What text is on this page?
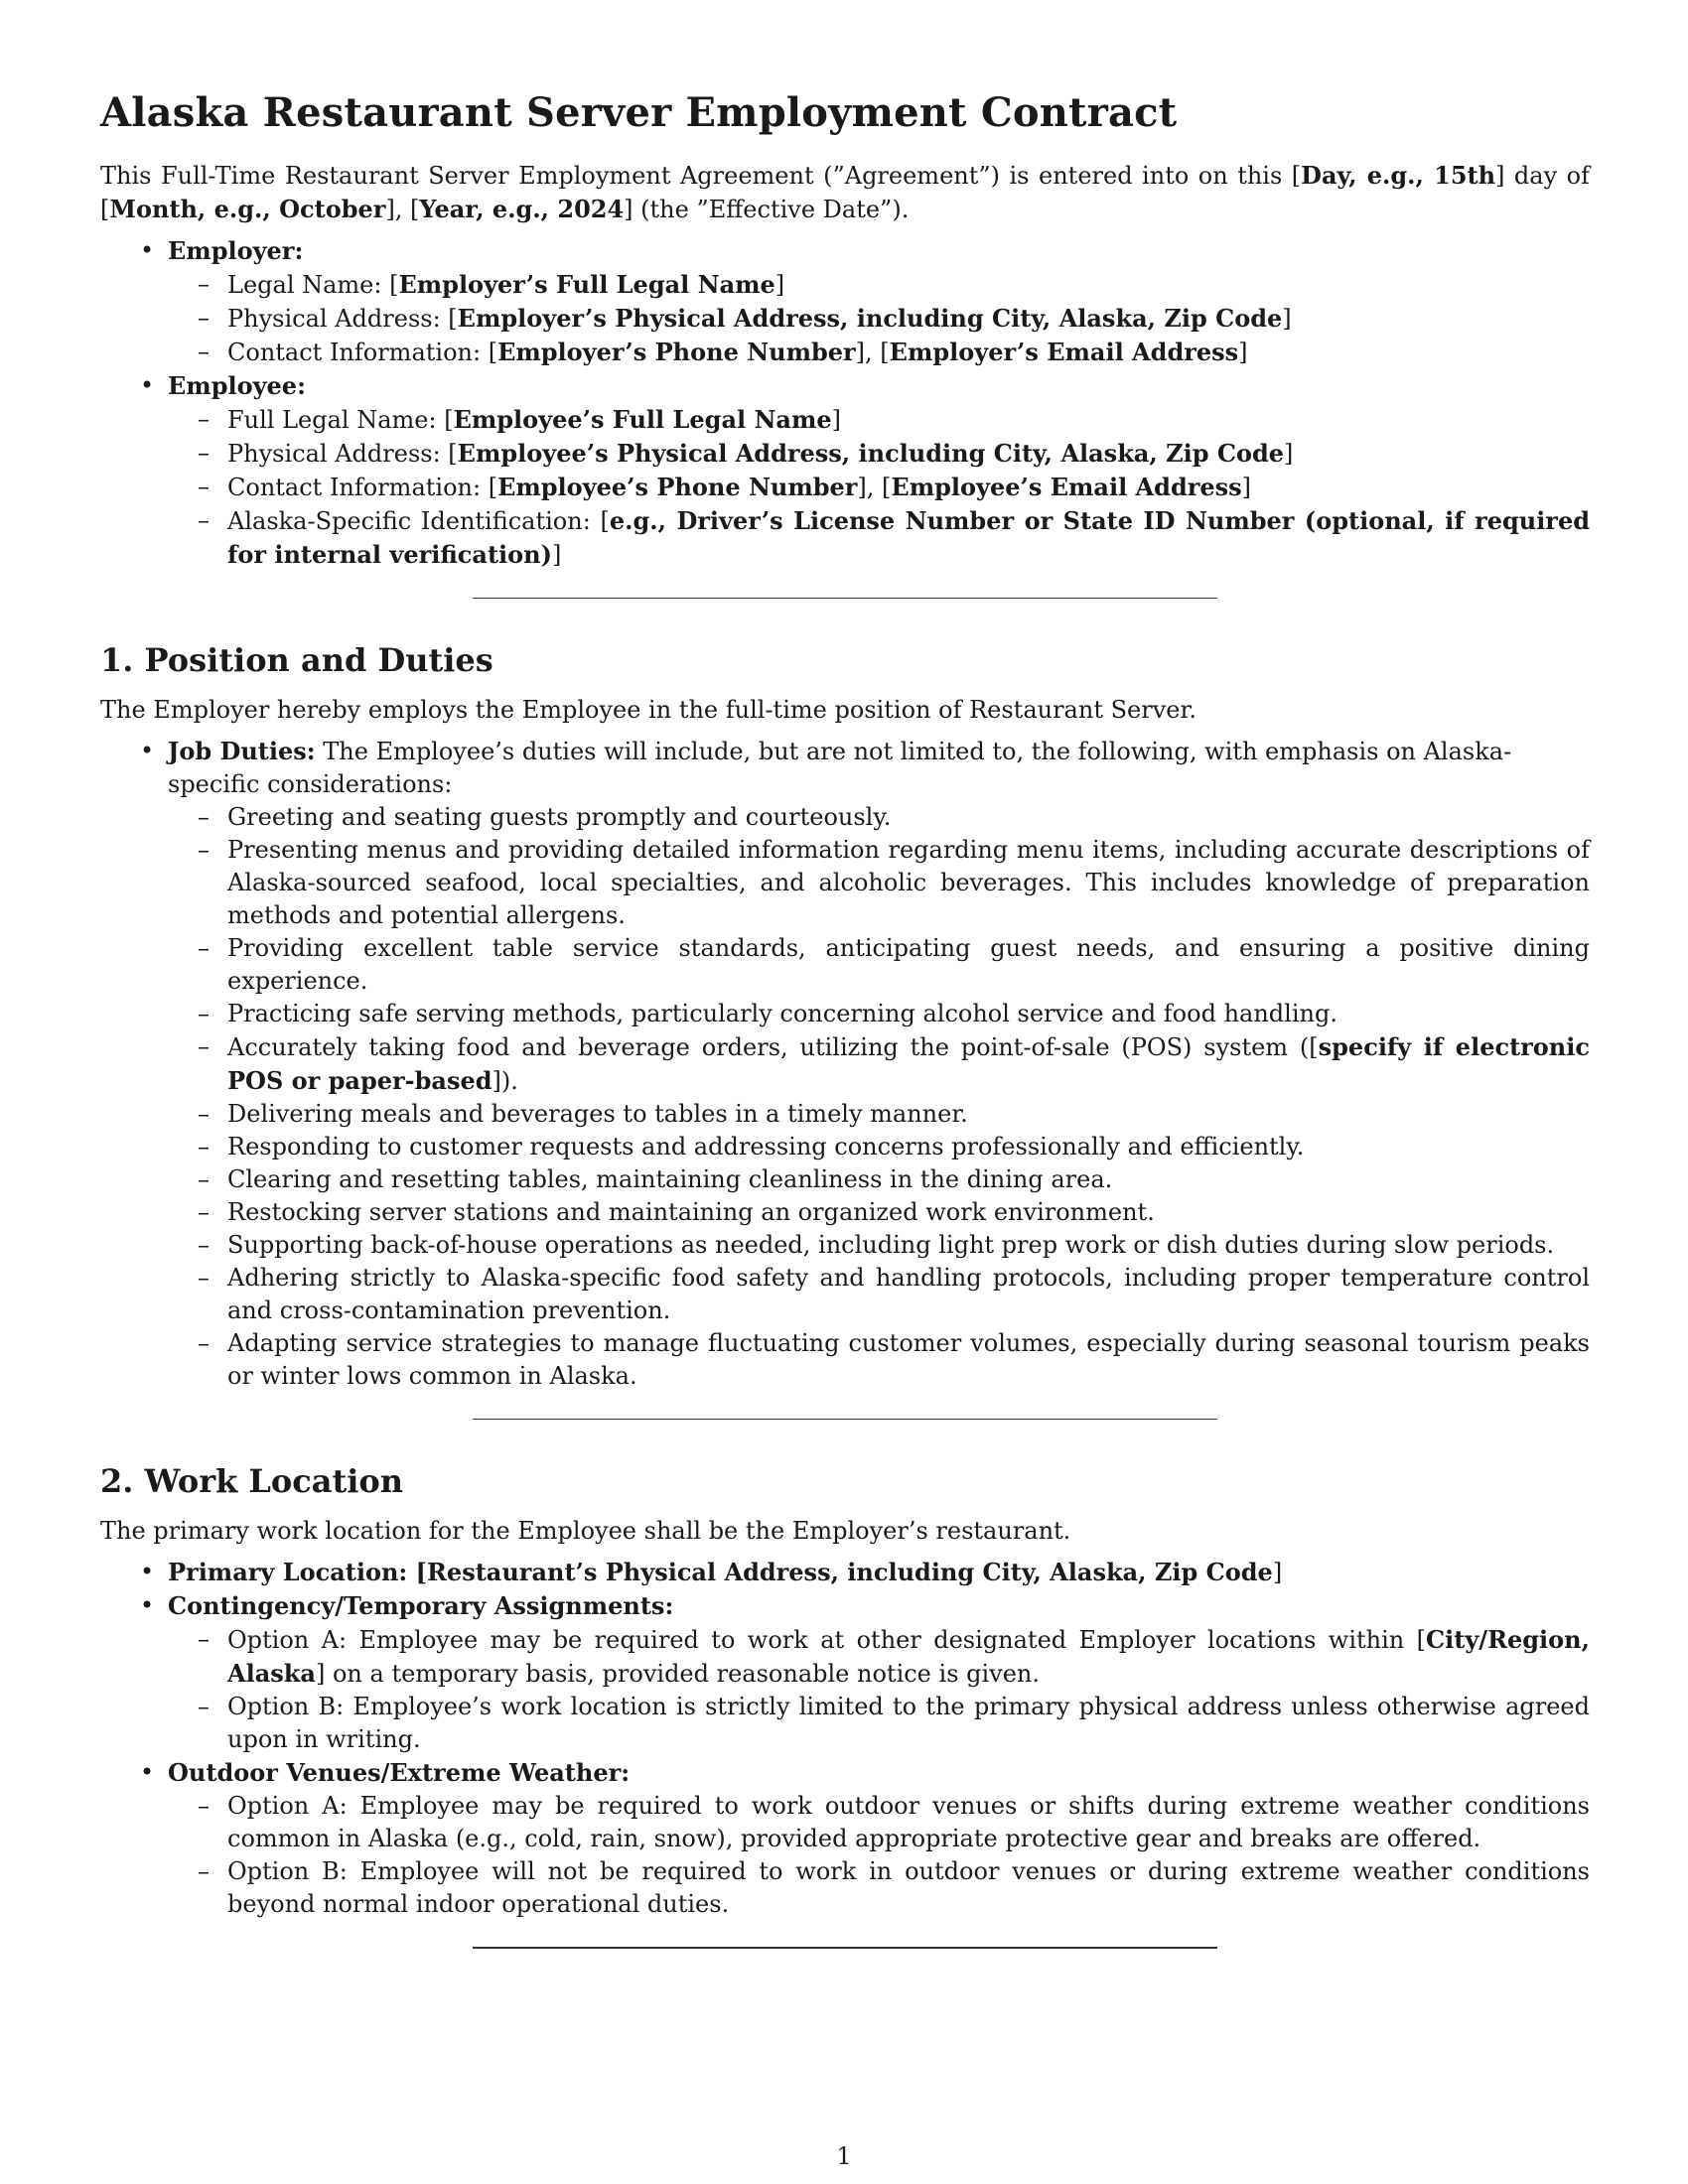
Alaska Restaurant Server Employment Contract

This Full-Time Restaurant Server Employment Agreement (”Agreement”) is entered into on this [Day, e.g., 15th] day of [Month, e.g., October], [Year, e.g., 2024] (the ”Effective Date”).

• Employer:
– Legal Name: [Employer’s Full Legal Name]
– Physical Address: [Employer’s Physical Address, including City, Alaska, Zip Code]
– Contact Information: [Employer’s Phone Number], [Employer’s Email Address]
• Employee:
– Full Legal Name: [Employee’s Full Legal Name]
– Physical Address: [Employee’s Physical Address, including City, Alaska, Zip Code]
– Contact Information: [Employee’s Phone Number], [Employee’s Email Address]
– Alaska-Specific Identification: [e.g., Driver’s License Number or State ID Number (optional, if required for internal verification)]
1. Position and Duties

The Employer hereby employs the Employee in the full-time position of Restaurant Server.

• Job Duties: The Employee’s duties will include, but are not limited to, the following, with emphasis on Alaska-specific considerations:
– Greeting and seating guests promptly and courteously.
– Presenting menus and providing detailed information regarding menu items, including accurate descriptions of Alaska-sourced seafood, local specialties, and alcoholic beverages. This includes knowledge of preparation methods and potential allergens.
– Providing excellent table service standards, anticipating guest needs, and ensuring a positive dining experience.
– Practicing safe serving methods, particularly concerning alcohol service and food handling.
– Accurately taking food and beverage orders, utilizing the point-of-sale (POS) system ([specify if electronic POS or paper-based]).
– Delivering meals and beverages to tables in a timely manner.
– Responding to customer requests and addressing concerns professionally and efficiently.
– Clearing and resetting tables, maintaining cleanliness in the dining area.
– Restocking server stations and maintaining an organized work environment.
– Supporting back-of-house operations as needed, including light prep work or dish duties during slow periods.
– Adhering strictly to Alaska-specific food safety and handling protocols, including proper temperature control and cross-contamination prevention.
– Adapting service strategies to manage fluctuating customer volumes, especially during seasonal tourism peaks or winter lows common in Alaska.
2. Work Location

The primary work location for the Employee shall be the Employer’s restaurant.

• Primary Location: [Restaurant’s Physical Address, including City, Alaska, Zip Code]
• Contingency/Temporary Assignments:
– Option A: Employee may be required to work at other designated Employer locations within [City/Region, Alaska] on a temporary basis, provided reasonable notice is given.
– Option B: Employee’s work location is strictly limited to the primary physical address unless otherwise agreed upon in writing.
• Outdoor Venues/Extreme Weather:
– Option A: Employee may be required to work outdoor venues or shifts during extreme weather conditions common in Alaska (e.g., cold, rain, snow), provided appropriate protective gear and breaks are offered.
– Option B: Employee will not be required to work in outdoor venues or during extreme weather conditions beyond normal indoor operational duties.
1
